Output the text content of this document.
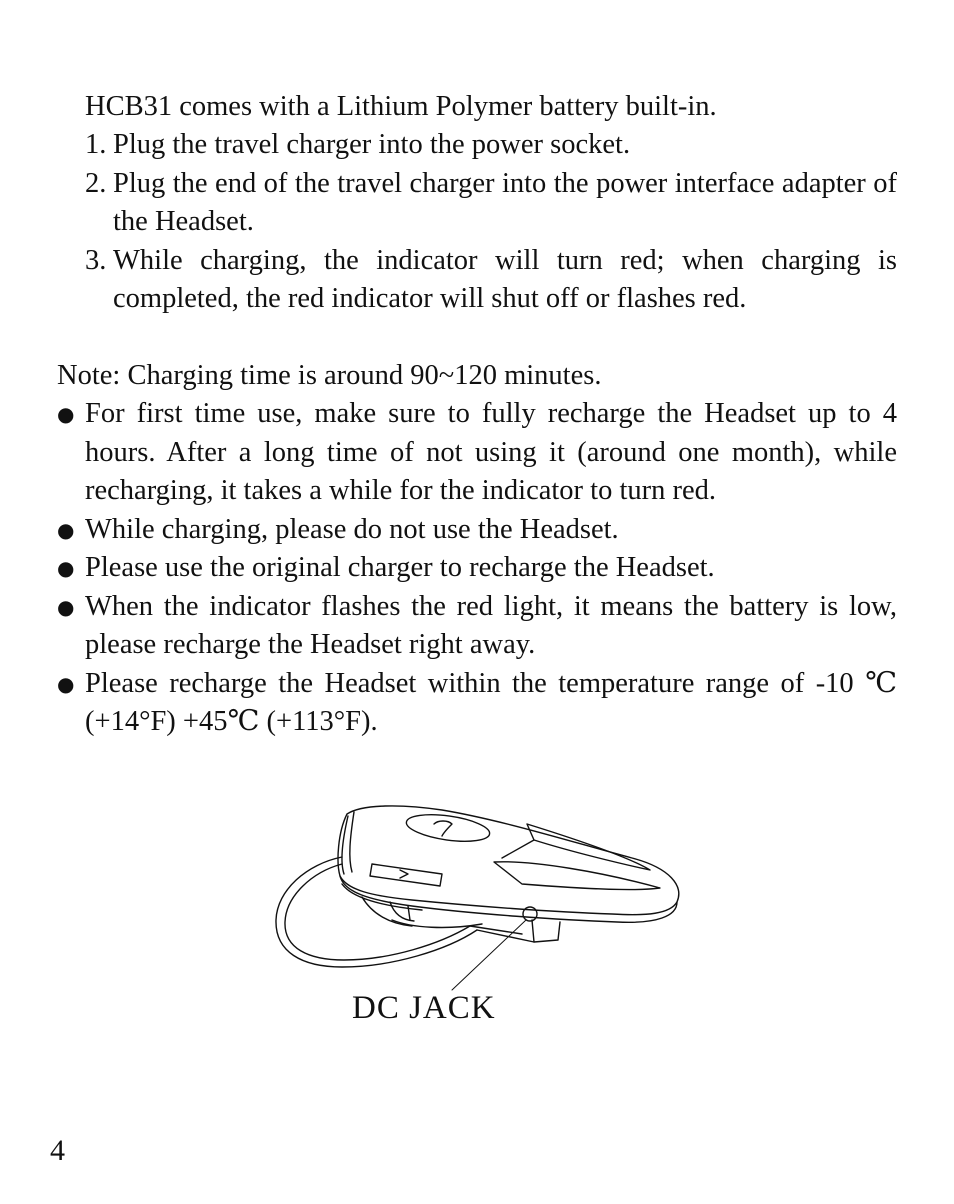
HCB31 comes with a Lithium Polymer battery built-in.
1. Plug the travel charger into the power socket.
2. Plug the end of the travel charger into the power interface adapter of the Headset.
3. While charging, the indicator will turn red; when charging is completed, the red indicator will shut off or flashes red.
Note: Charging time is around 90~120 minutes.
● For first time use, make sure to fully recharge the Headset up to 4 hours. After a long time of not using it (around one month), while recharging, it takes a while for the indicator to turn red.
● While charging, please do not use the Headset.
● Please use the original charger to recharge the Headset.
● When the indicator flashes the red light, it means the battery is low, please recharge the Headset right away.
● Please recharge the Headset within the temperature range of -10 ℃ (+14°F) +45℃ (+113°F).
DC JACK
4
